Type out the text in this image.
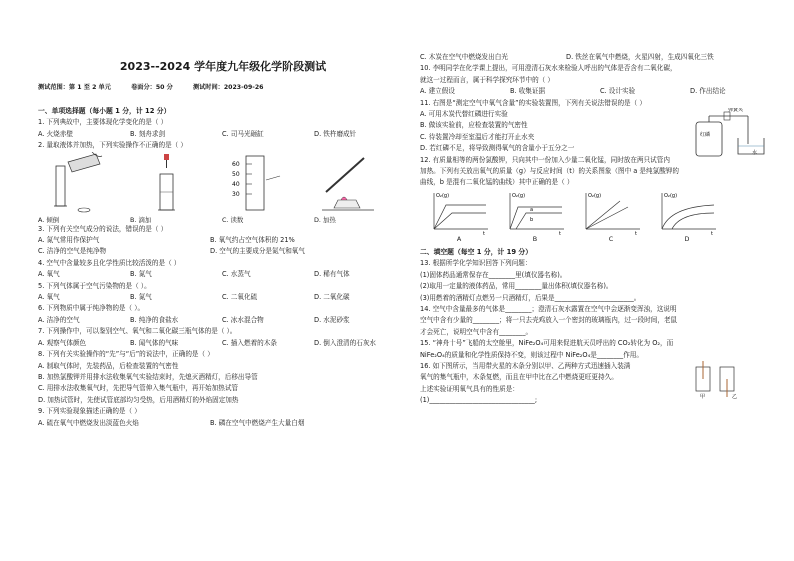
2023--2024 学年度九年级化学阶段测试
测试范围：第 1 至 2 单元	卷面分：50 分	测试时间：2023-09-26
一、单项选择题（每小题 1 分，计 12 分）
1. 下列典故中，主要体现化学变化的是（ ）
A. 火烧赤壁	B. 刻舟求剑	C. 司马光砸缸	D. 铁杵磨成针
2. 量取液体并加热，下列实验操作不正确的是（ ）
A. 倾倒	B. 滴加
60
50
40
30
C. 读数	D. 加热
3. 下列有关空气成分的说法，错误的是（ ）
A. 氮气常用作保护气	B. 氧气约占空气体积的 21%
C. 洁净的空气是纯净物	D. 空气的主要成分是氮气和氧气
4. 空气中含量较多且化学性质比较活泼的是（ ）
A. 氧气	B. 氮气	C. 水蒸气	D. 稀有气体
5. 下列气体属于空气污染物的是（ ）。
A. 氧气	B. 氮气	C. 二氧化硫	D. 二氧化碳
6. 下列物质中属于纯净物的是（ ）。
A. 洁净的空气	B. 纯净的食盐水	C. 冰水混合物	D. 水泥砂浆
7. 下列操作中，可以鉴别空气、氧气和二氧化碳三瓶气体的是（ ）。
A. 观察气体颜色	B. 闻气体的气味	C. 插入燃着的木条	D. 倒入澄清的石灰水
8. 下列有关实验操作的“先”与“后”的说法中，正确的是（ ）
A. 制取气体时，先装药品，后检查装置的气密性
B. 加热氯酸钾并用排水法收集氧气实验结束时，先熄灭酒精灯，后移出导管
C. 用排水法收集氧气时，先把导气管伸入集气瓶中，再开始加热试管
D. 加热试管时，先使试管底部均匀受热，后用酒精灯的外焰固定加热
9. 下列实验现象描述正确的是（ ）
A. 硫在氧气中燃烧发出淡蓝色火焰	B. 磷在空气中燃烧产生大量白烟
C. 木炭在空气中燃烧发出白光	D. 铁丝在氧气中燃烧，火星四射，生成四氧化三铁
10. 李明同学在化学课上提出，可用澄清石灰水来检验人呼出的气体是否含有二氧化碳，
就这一过程而言，属于科学探究环节中的（ ）
A. 建立假设	B. 收集证据	C. 设计实验	D. 作出结论
11. 右图是“测定空气中氧气含量”的实验装置图，下列有关说法错误的是（ ）
A. 可用木炭代替红磷进行实验
B. 做该实验前，应检查装置的气密性
C. 待装置冷却至室温后才能打开止水夹
D. 若红磷不足，将导致测得氧气的含量小于五分之一
弹簧夹
红磷
水
12. 有质量相等的两份氯酸钾，只向其中一份加入少量二氧化锰，同时放在两只试管内
加热。下列有关放出氧气的质量（g）与反应时间（t）的关系图象（图中 a 是纯氯酸钾的
曲线，b 是混有二氧化锰的曲线）其中正确的是（ ）
O₂(g)
t
A
a
b
O₂(g)
t
B
O₂(g)
t
C
O₂(g)
t
D
二、填空题（每空 1 分，计 19 分）
13. 根据所学化学知识回答下列问题：
(1)固体药品通常保存在________里(填仪器名称)。
(2)取用一定量的液体药品，常用________量出体积(填仪器名称)。
(3)用燃着的酒精灯点燃另一只酒精灯，后果是________________________。
14. 空气中含量最多的气体是________；澄清石灰水露置在空气中会逐渐变浑浊，这说明
空气中含有少量的________；将一只去壳鸡放入一个密封的玻璃瓶内，过一段时间，老鼠
才会死亡，说明空气中含有________。
15. “神舟十号”飞船的太空舱里，NiFe₂O₄可用来促进航天员呼出的 CO₂转化为 O₂，而
NiFe₂O₄的质量和化学性质保持不变，则该过程中 NiFe₂O₄是________作用。
16. 如下图所示，当用带火星的木条分别以甲、乙两种方式迅速插入装满
氧气的集气瓶中，木条复燃，而且在甲中比在乙中燃烧更旺更持久。
上述实验证明氧气具有的性质是：
(1)________________________________;	甲	乙
